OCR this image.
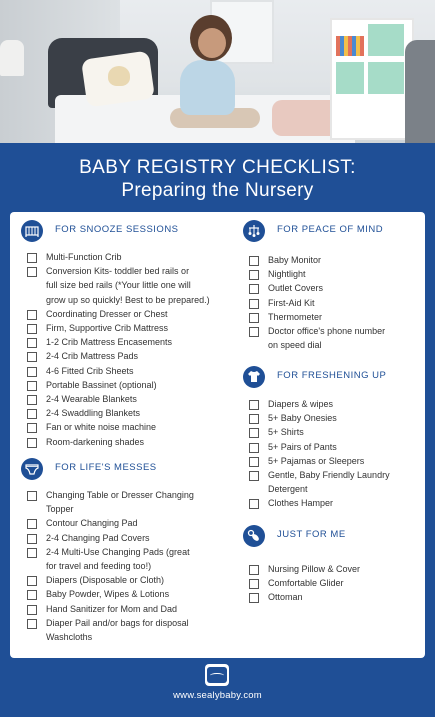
BABY REGISTRY CHECKLIST:
Preparing the Nursery
FOR SNOOZE SESSIONS
Multi-Function Crib
Conversion Kits- toddler bed rails or
full size bed rails (*Your little one will
grow up so quickly! Best to be prepared.)
Coordinating Dresser or Chest
Firm, Supportive Crib Mattress
1-2 Crib Mattress Encasements
2-4 Crib Mattress Pads
4-6 Fitted Crib Sheets
Portable Bassinet (optional)
2-4 Wearable Blankets
2-4 Swaddling Blankets
Fan or white noise machine
Room-darkening shades
FOR LIFE'S MESSES
Changing Table or Dresser Changing
Topper
Contour Changing Pad
2-4 Changing Pad Covers
2-4 Multi-Use Changing Pads (great
for travel and feeding too!)
Diapers (Disposable or Cloth)
Baby Powder, Wipes & Lotions
Hand Sanitizer for Mom and Dad
Diaper Pail and/or bags for disposal
Washcloths
FOR PEACE OF MIND
Baby Monitor
Nightlight
Outlet Covers
First-Aid Kit
Thermometer
Doctor office's phone number
on speed dial
FOR FRESHENING UP
Diapers & wipes
5+ Baby Onesies
5+ Shirts
5+ Pairs of Pants
5+ Pajamas or Sleepers
Gentle, Baby Friendly Laundry
Detergent
Clothes Hamper
JUST FOR ME
Nursing Pillow & Cover
Comfortable Glider
Ottoman
www.sealybaby.com
